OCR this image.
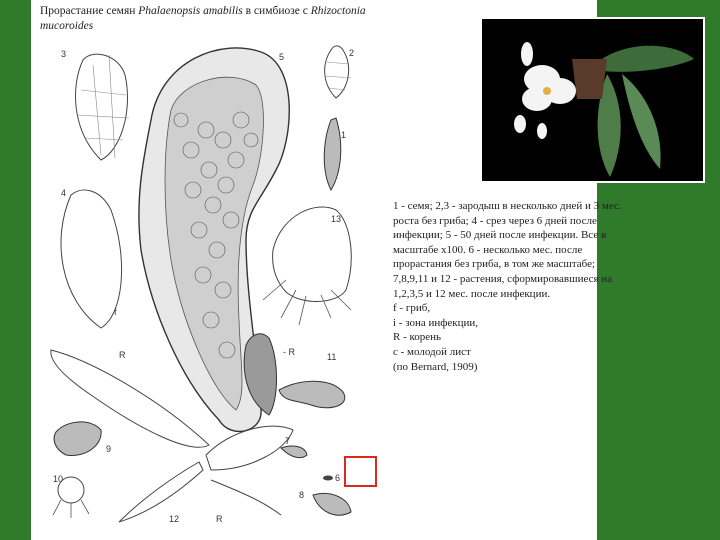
Прорастание семян Phalaenopsis amabilis в симбиозе с Rhizoctonia mucoroides
3
4
f
5	2
1
13
- R	11
R
12	R
9
10
7
8
6
1 - семя; 2,3 - зародыш в несколько дней и 3 мес. роста без гриба; 4 - срез через 6 дней после инфекции; 5 - 50 дней после инфекции. Все в масштабе x100. 6 - несколько мес. после прорастания без гриба, в том же масштабе; 7,8,9,11 и 12 - растения, сформировавшиеся на 1,2,3,5 и 12 мес. после инфекции.
f - гриб,
i - зона инфекции,
R - корень
c - молодой лист
(по Bernard, 1909)
